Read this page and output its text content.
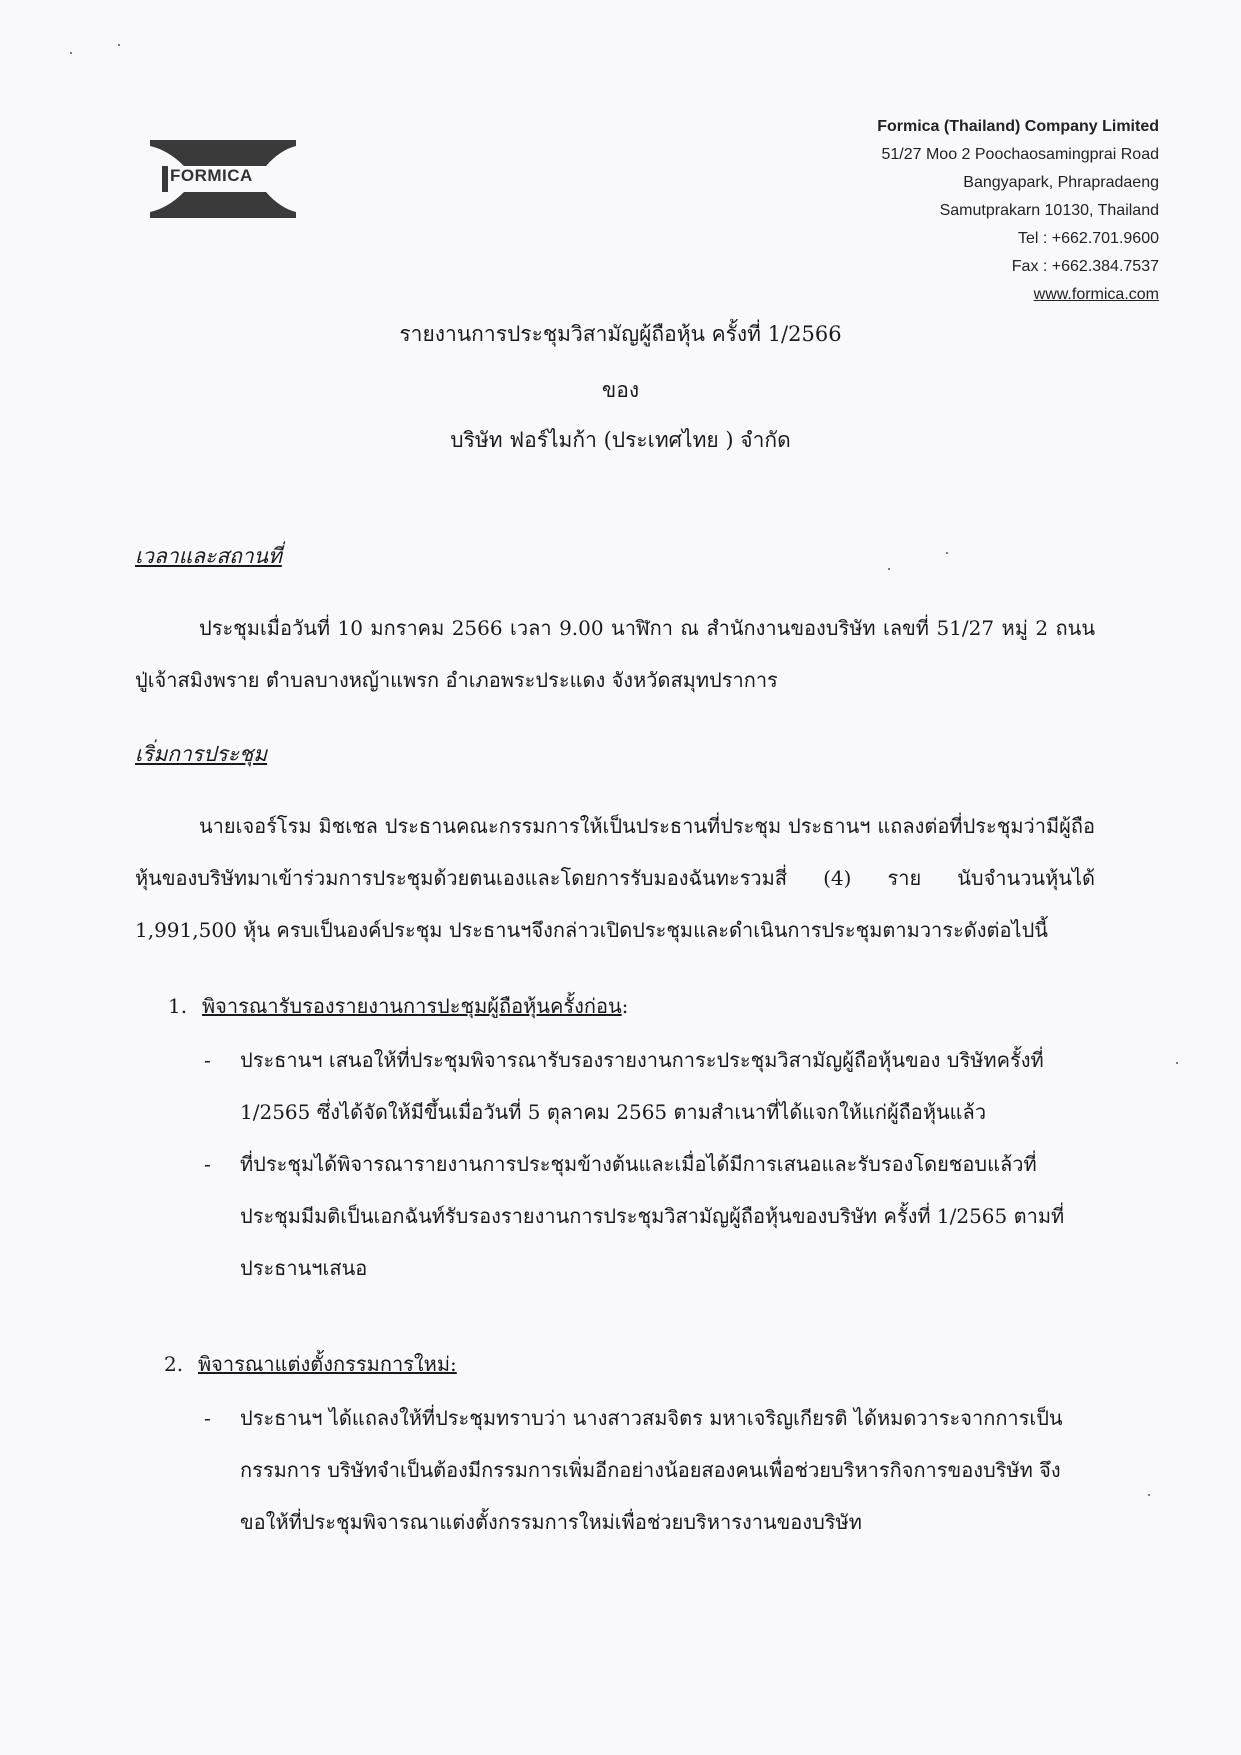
FORMICA
Formica (Thailand) Company Limited
51/27 Moo 2 Poochaosamingprai Road
Bangyapark, Phrapradaeng
Samutprakarn 10130, Thailand
Tel : +662.701.9600
Fax : +662.384.7537
www.formica.com
รายงานการประชุมวิสามัญผู้ถือหุ้น ครั้งที่ 1/2566
ของ
บริษัท ฟอร์ไมก้า (ประเทศไทย ) จำกัด
เวลาและสถานที่
ประชุมเมื่อวันที่ 10 มกราคม 2566 เวลา 9.00 นาฬิกา ณ สำนักงานของบริษัท เลขที่ 51/27 หมู่ 2 ถนนปู่เจ้าสมิงพราย ตำบลบางหญ้าแพรก อำเภอพระประแดง จังหวัดสมุทปราการ
เริ่มการประชุม
นายเจอร์โรม มิชเชล ประธานคณะกรรมการให้เป็นประธานที่ประชุม ประธานฯ แถลงต่อที่ประชุมว่ามีผู้ถือหุ้นของบริษัทมาเข้าร่วมการประชุมด้วยตนเองและโดยการรับมองฉันทะรวมสี่ (4) ราย นับจำนวนหุ้นได้ 1,991,500 หุ้น ครบเป็นองค์ประชุม ประธานฯจึงกล่าวเปิดประชุมและดำเนินการประชุมตามวาระดังต่อไปนี้
1. พิจารณารับรองรายงานการปะชุมผู้ถือหุ้นครั้งก่อน:
-	ประธานฯ เสนอให้ที่ประชุมพิจารณารับรองรายงานการะประชุมวิสามัญผู้ถือหุ้นของ บริษัทครั้งที่ 1/2565 ซึ่งได้จัดให้มีขึ้นเมื่อวันที่ 5 ตุลาคม 2565 ตามสำเนาที่ได้แจกให้แก่ผู้ถือหุ้นแล้ว
-	ที่ประชุมได้พิจารณารายงานการประชุมข้างต้นและเมื่อได้มีการเสนอและรับรองโดยชอบแล้วที่ประชุมมีมติเป็นเอกฉันท์รับรองรายงานการประชุมวิสามัญผู้ถือหุ้นของบริษัท ครั้งที่ 1/2565 ตามที่ประธานฯเสนอ
2. พิจารณาแต่งตั้งกรรมการใหม่:
-	ประธานฯ ได้แถลงให้ที่ประชุมทราบว่า นางสาวสมจิตร มหาเจริญเกียรติ ได้หมดวาระจากการเป็นกรรมการ บริษัทจำเป็นต้องมีกรรมการเพิ่มอีกอย่างน้อยสองคนเพื่อช่วยบริหารกิจการของบริษัท จึงขอให้ที่ประชุมพิจารณาแต่งตั้งกรรมการใหม่เพื่อช่วยบริหารงานของบริษัท
